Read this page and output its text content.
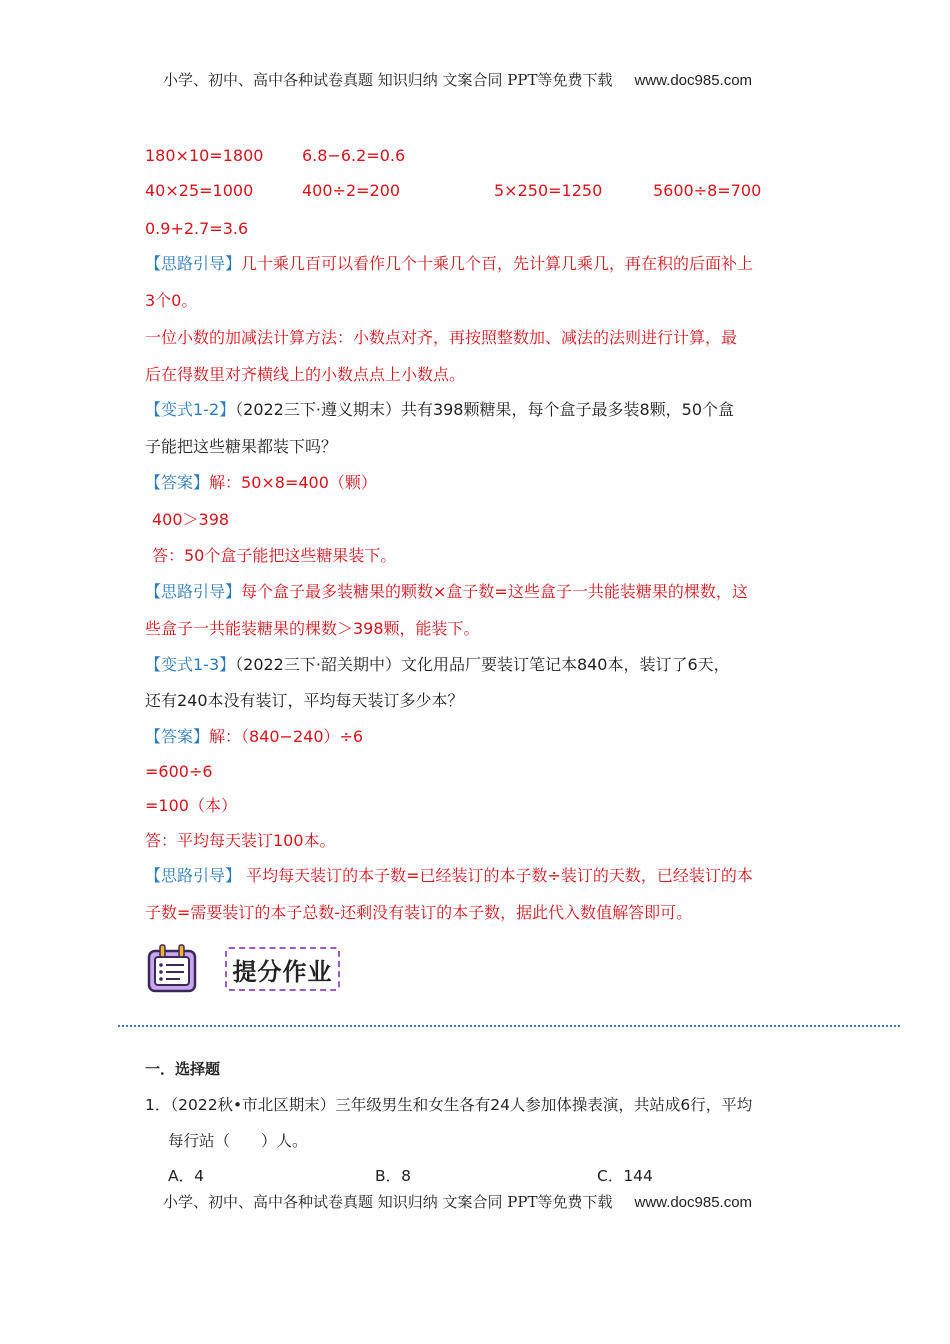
小学、初中、高中各种试卷真题 知识归纳 文案合同 PPT等免费下载 www.doc985.com
180×10=1800 6.8−6.2=0.6
40×25=1000	400÷2=200	5×250=1250	5600÷8=700
0.9+2.7=3.6
【思路引导】几十乘几百可以看作几个十乘几个百，先计算几乘几，再在积的后面补上
3个0。
一位小数的加减法计算方法：小数点对齐，再按照整数加、减法的法则进行计算，最
后在得数里对齐横线上的小数点点上小数点。
【变式1-2】（2022三下·遵义期末）共有398颗糖果，每个盒子最多装8颗，50个盒
子能把这些糖果都装下吗？
【答案】解：50×8=400（颗）
400＞398
答：50个盒子能把这些糖果装下。
【思路引导】每个盒子最多装糖果的颗数×盒子数=这些盒子一共能装糖果的棵数，这
些盒子一共能装糖果的棵数＞398颗，能装下。
【变式1-3】（2022三下·韶关期中）文化用品厂要装订笔记本840本，装订了6天，
还有240本没有装订，平均每天装订多少本？
【答案】解：（840−240）÷6
=600÷6
=100（本）
答：平均每天装订100本。
【思路引导】 平均每天装订的本子数=已经装订的本子数÷装订的天数，已经装订的本
子数=需要装订的本子总数-还剩没有装订的本子数，据此代入数值解答即可。
提分作业
一．选择题
1．（2022秋•市北区期末）三年级男生和女生各有24人参加体操表演，共站成6行，平均
每行站（　　）人。
A．4	B．8	C．144
小学、初中、高中各种试卷真题 知识归纳 文案合同 PPT等免费下载 www.doc985.com
